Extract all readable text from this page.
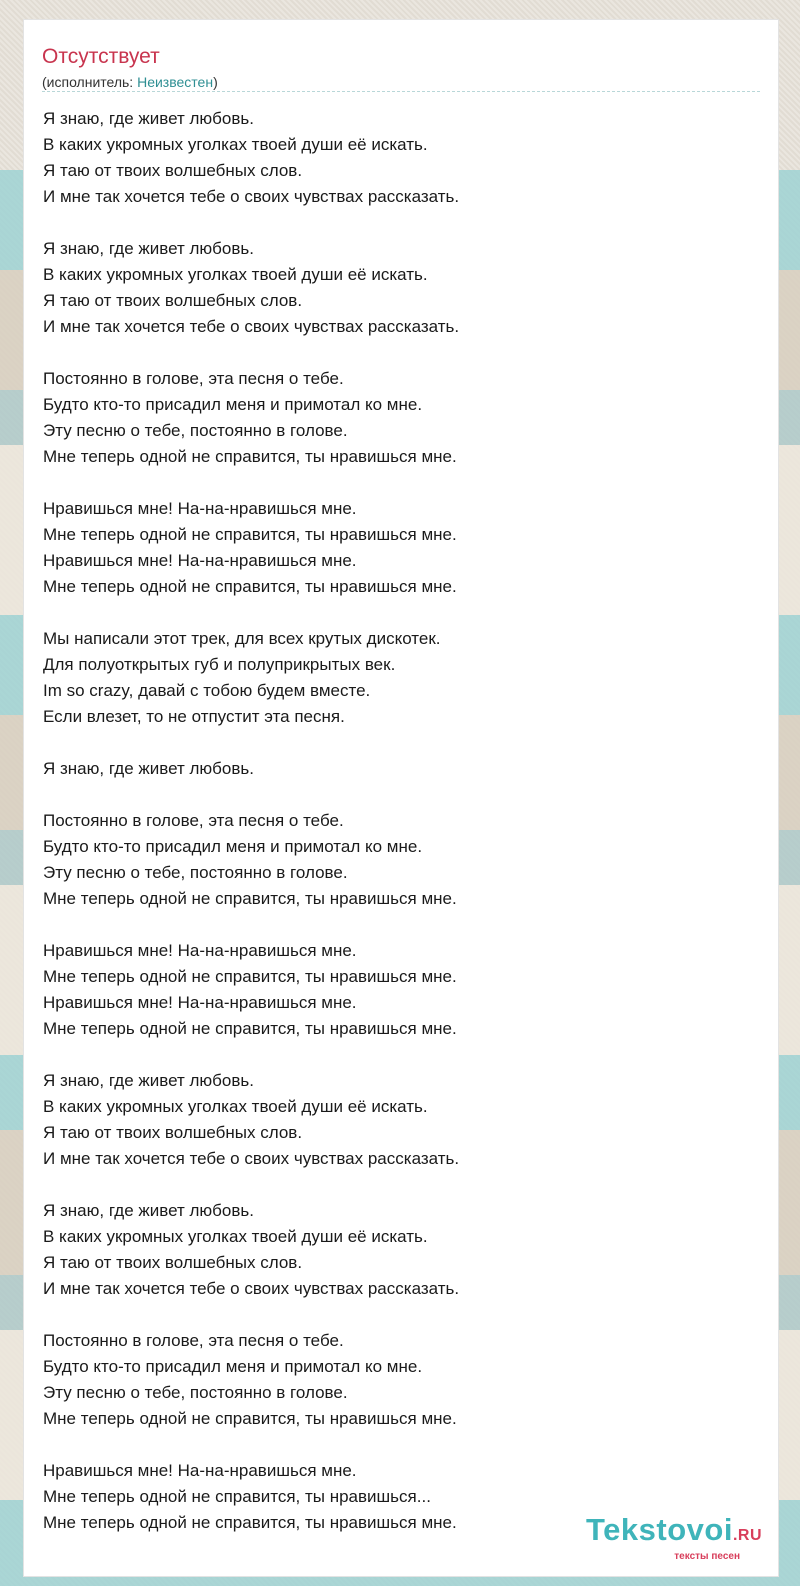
Отсутствует
(исполнитель: Неизвестен)
Я знаю, где живет любовь.
В каких укромных уголках твоей души её искать.
Я таю от твоих волшебных слов.
И мне так хочется тебе о своих чувствах рассказать.
Я знаю, где живет любовь.
В каких укромных уголках твоей души её искать.
Я таю от твоих волшебных слов.
И мне так хочется тебе о своих чувствах рассказать.
Постоянно в голове, эта песня о тебе.
Будто кто-то присадил меня и примотал ко мне.
Эту песню о тебе, постоянно в голове.
Мне теперь одной не справится, ты нравишься мне.
Нравишься мне! На-на-нравишься мне.
Мне теперь одной не справится, ты нравишься мне.
Нравишься мне! На-на-нравишься мне.
Мне теперь одной не справится, ты нравишься мне.
Мы написали этот трек, для всех крутых дискотек.
Для полуоткрытых губ и полуприкрытых век.
Im so crazy, давай с тобою будем вместе.
Если влезет, то не отпустит эта песня.
Я знаю, где живет любовь.
Постоянно в голове, эта песня о тебе.
Будто кто-то присадил меня и примотал ко мне.
Эту песню о тебе, постоянно в голове.
Мне теперь одной не справится, ты нравишься мне.
Нравишься мне! На-на-нравишься мне.
Мне теперь одной не справится, ты нравишься мне.
Нравишься мне! На-на-нравишься мне.
Мне теперь одной не справится, ты нравишься мне.
Я знаю, где живет любовь.
В каких укромных уголках твоей души её искать.
Я таю от твоих волшебных слов.
И мне так хочется тебе о своих чувствах рассказать.
Я знаю, где живет любовь.
В каких укромных уголках твоей души её искать.
Я таю от твоих волшебных слов.
И мне так хочется тебе о своих чувствах рассказать.
Постоянно в голове, эта песня о тебе.
Будто кто-то присадил меня и примотал ко мне.
Эту песню о тебе, постоянно в голове.
Мне теперь одной не справится, ты нравишься мне.
Нравишься мне! На-на-нравишься мне.
Мне теперь одной не справится, ты нравишься...
Мне теперь одной не справится, ты нравишься мне.	Tekstovoi.RU
тексты песен
